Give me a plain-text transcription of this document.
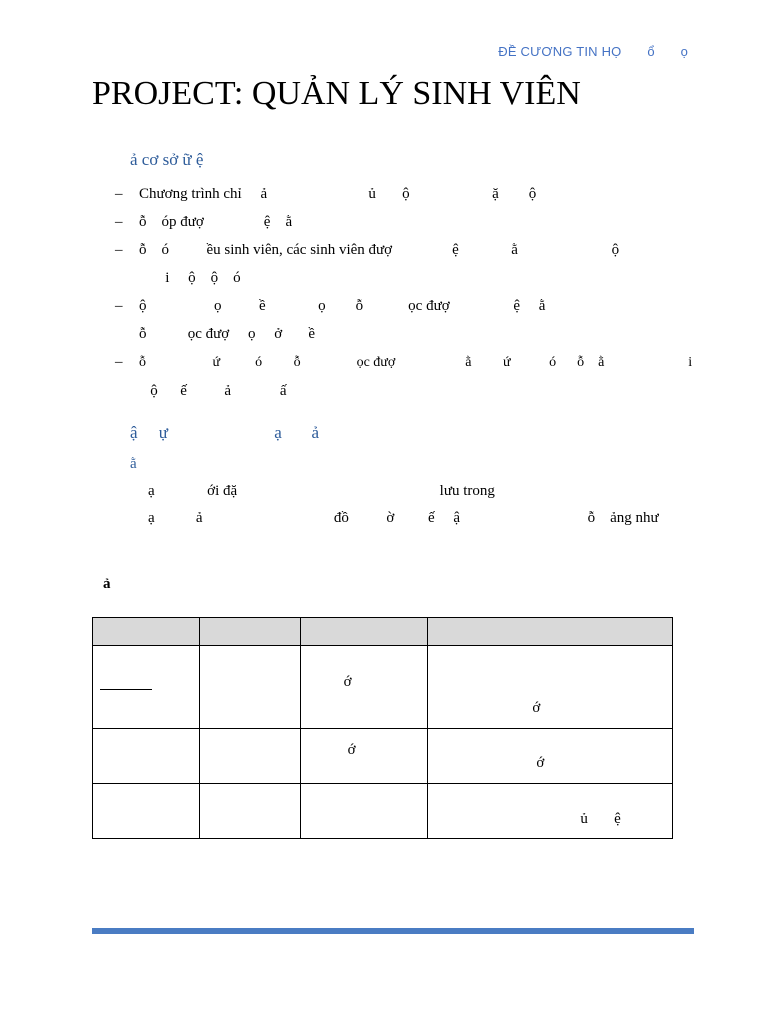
ĐỀ CƯƠNG TIN HỌ ổ ọ
PROJECT: QUẢN LÝ SINH VIÊN
ả cơ sở ữ ệ
– Chương trình chỉ     ả                           ủ       ộ                      ặ        ộ
– ỗ    óp đượ                ệ    ằ
– ỗ    ó          ều sinh viên, các sinh viên đượ                ệ              ằ                         ộ
i     ộ    ộ    ó
– ộ                  ọ          ề              ọ        ỗ            ọc đượ                 ệ     ằ
ỗ           ọc đượ     ọ     ở       ề
– ỗ                   ứ          ó         ỗ                ọc đượ                    ằ         ứ           ó      ỗ    ằ                        i
ộ      ế          ả             ấ
ậ     ự                         ạ       ả
ằ
ạ              ới đặ                                                      lưu trong
ạ           ả                                   đồ          ờ         ế     ậ                                  ỗ    ảng như
ả

		ớ	ớ

		ớ	ớ

			ủ       ệ
